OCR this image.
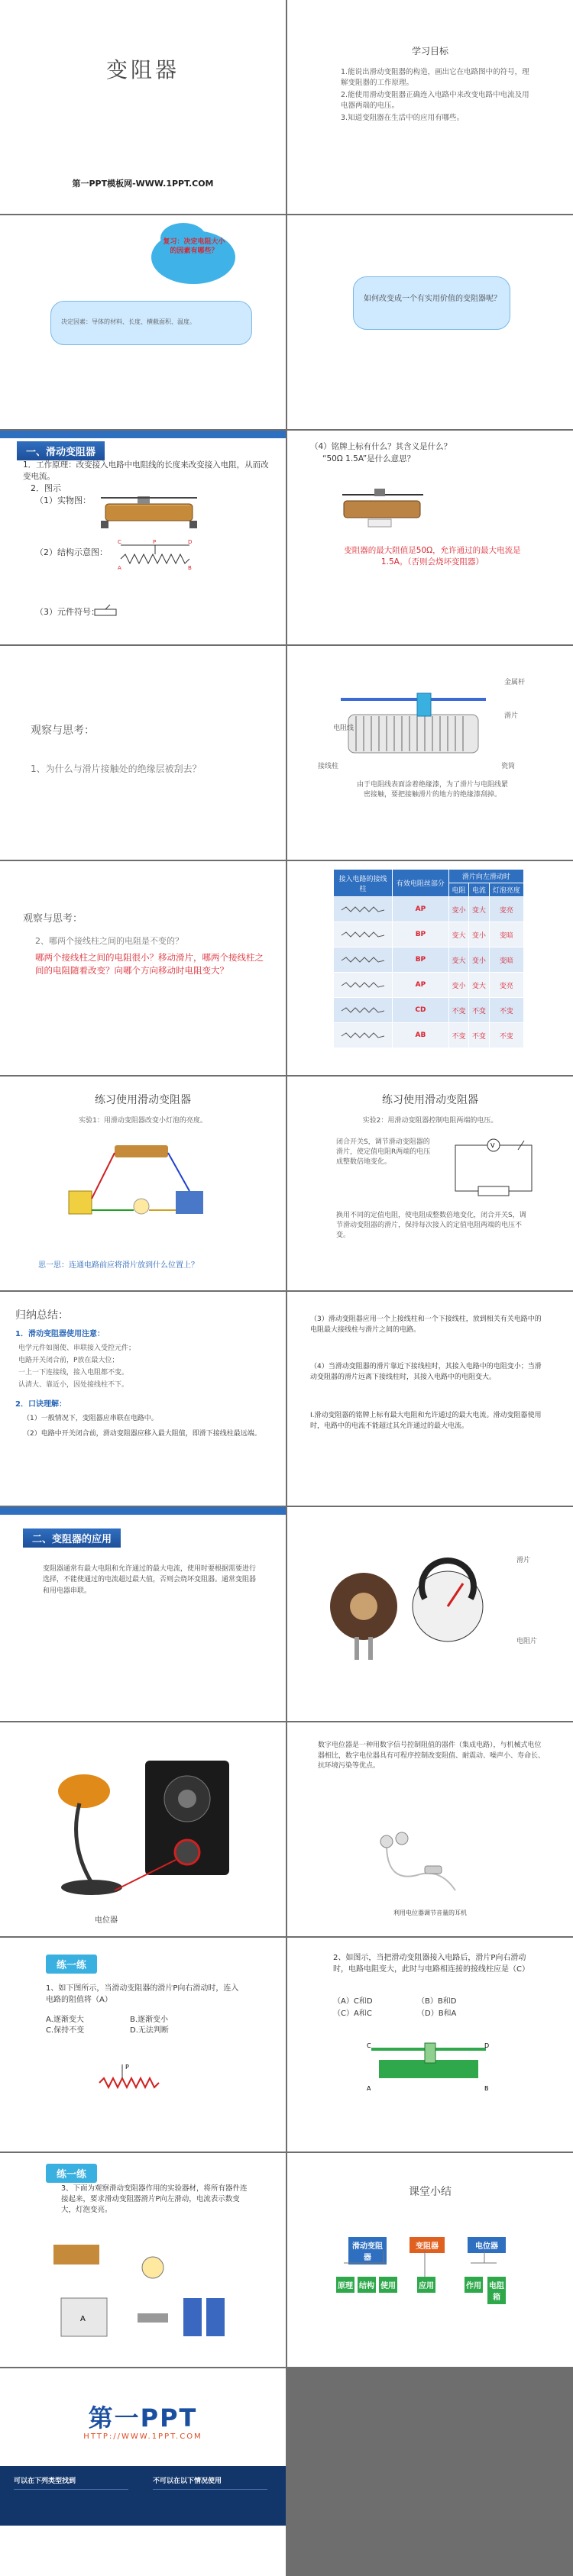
变阻器
第一PPT模板网-WWW.1PPT.COM
学习目标
1.能说出滑动变阻器的构造，画出它在电路图中的符号，理解变阻器的工作原理。
2.能使用滑动变阻器正确连入电路中来改变电路中电流及用电器两端的电压。
3.知道变阻器在生活中的应用有哪些。
复习：决定电阻大小的因素有哪些？
决定因素：导体的材料、长度、横截面积、温度。
如何改变成一个有实用价值的变阻器呢？
一、滑动变阻器
1．工作原理：改变接入电路中电阻线的长度来改变接入电阻，从而改变电流。
2．图示
（1）实物图：
（2）结构示意图：
C	P	D
A	B
（3）元件符号：
（4）铭牌上标有什么？其含义是什么？
“50Ω 1.5A”是什么意思？
变阻器的最大阻值是50Ω，允许通过的最大电流是1.5A。（否则会烧坏变阻器）
观察与思考：
1、为什么与滑片接触处的绝缘层被刮去？
金属杆
滑片
电阻线
接线柱	瓷筒
由于电阻线表面涂着绝缘漆，为了滑片与电阻线紧密接触，要把接触滑片的地方的绝缘漆刮掉。
观察与思考：
2、哪两个接线柱之间的电阻是不变的？
哪两个接线柱之间的电阻很小？移动滑片，哪两个接线柱之间的电阻随着改变？向哪个方向移动时电阻变大？
接入电路的接线柱	有效电阻丝部分	滑片向左滑动时		
		电阻	电流	灯泡亮度
	AP	变小	变大	变亮
	BP	变大	变小	变暗
	BP	变大	变小	变暗
	AP	变小	变大	变亮
	CD	不变	不变	不变
	AB	不变	不变	不变
练习使用滑动变阻器
实验1：用滑动变阻器改变小灯泡的亮度。
思一思：连通电路前应将滑片放到什么位置上？
练习使用滑动变阻器
实验2：用滑动变阻器控制电阻两端的电压。
闭合开关S，调节滑动变阻器的滑片，使定值电阻R两端的电压成整数倍地变化。
V
换用不同的定值电阻，使电阻成整数倍地变化，闭合开关S，调节滑动变阻器的滑片，保持每次接入的定值电阻两端的电压不变。
归纳总结：
1．滑动变阻器使用注意：
电学元件如图使、串联接入受控元件；
电路开关闭合前，P放在最大位；
一上一下连接线，接入电阻都不变。
认清大、靠近小，因处接线柱不下。
2．口诀理解：
（1）一般情况下，变阻器应串联在电路中。
（2）电路中开关闭合前，滑动变阻器应移入最大阻值，即滑下接线柱最远端。
（3）滑动变阻器应用一个上接线柱和一个下接线柱，放到相关有关电路中的电阻最大接线柱与滑片之间的电路。
（4）当滑动变阻器的滑片靠近下接线柱时，其接入电路中的电阻变小；当滑动变阻器的滑片远离下接线柱时，其接入电路中的电阻变大。
Ⅰ.滑动变阻器的铭牌上标有最大电阻和允许通过的最大电流。滑动变阻器使用时，电路中的电流不能超过其允许通过的最大电流。
二、变阻器的应用
变阻器通常有最大电阻和允许通过的最大电流，使用时要根据需要进行选择，不能使通过的电流超过最大值，否则会烧坏变阻器。通常变阻器和用电器串联。
滑片
电阻片
电位器
数字电位器是一种用数字信号控制阻值的器件（集成电路），与机械式电位器相比，数字电位器具有可程序控制改变阻值、耐震动、噪声小、寿命长、抗环境污染等优点。
利用电位器调节音量的耳机
练一练
1、如下图所示，当滑动变阻器的滑片P向右滑动时，连入电路的阻值将（A）
A.逐渐变大	B.逐渐变小
C.保持不变	D.无法判断
P
2、如图示，当把滑动变阻器接入电路后，滑片P向右滑动时，电路电阻变大，此时与电路相连接的接线柱应是（C）
（A）C和D	（B）B和D
（C）A和C	（D）B和A
C	D
A	B
练一练
3、下面为观察滑动变阻器作用的实验器材，将所有器件连接起来，要求滑动变阻器滑片P向左滑动，电流表示数变大，灯泡变亮。
A
课堂小结
滑动变阻器
变阻器	电位器
原理 结构 使用	应用	作用 电阻箱
第一PPT
HTTP://WWW.1PPT.COM
可以在下列类型找到	不可以在以下情况使用
